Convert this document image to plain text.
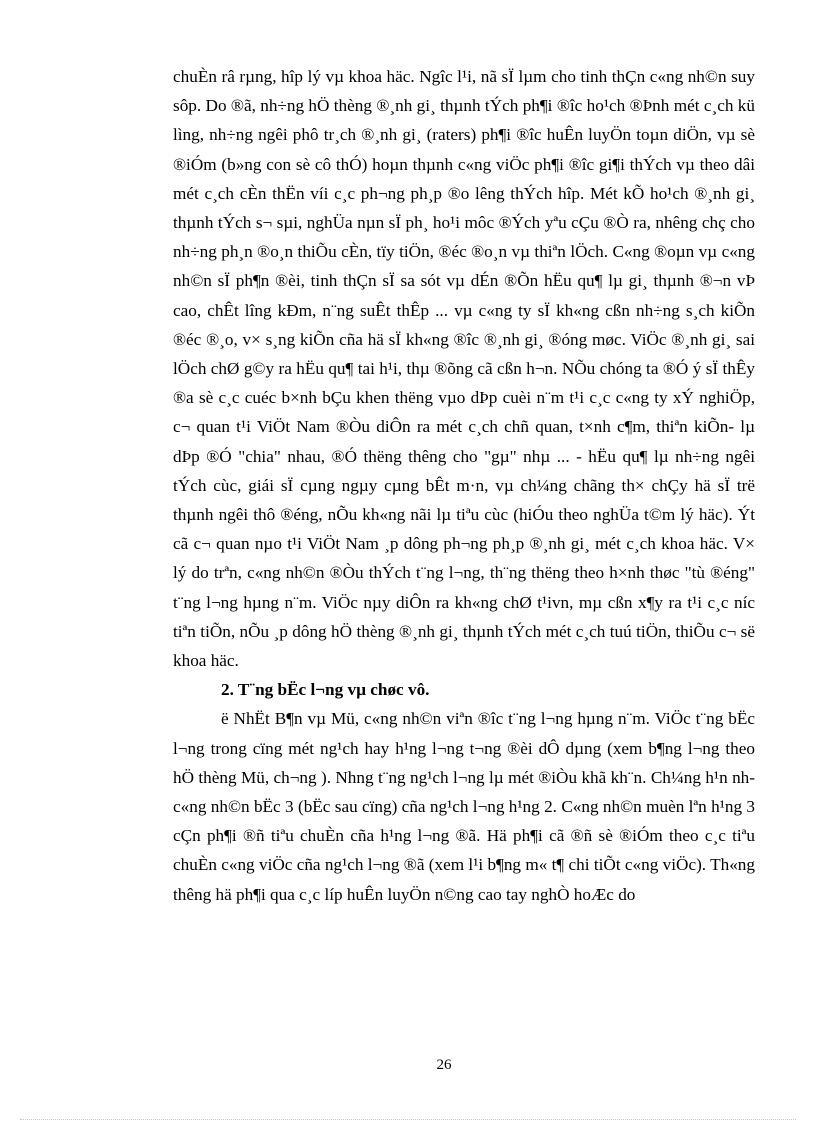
chuÈn râ rµng, hîp lý vµ khoa häc. Ngîc l¹i, nã sÏ lµm cho tinh thÇn c«ng nh©n suy sôp. Do ®ã, nh÷ng hÖ thèng ®¸nh gi¸ thµnh tÝch ph¶i ®îc ho¹ch ®Þnh mét c¸ch kü lìng, nh÷ng ngêi phô tr¸ch ®¸nh gi¸ (raters) ph¶i ®îc huÊn luyÖn toµn diÖn, vµ sè ®iÓm (b»ng con sè cô thÓ) hoµn thµnh c«ng viÖc ph¶i ®îc gi¶i thÝch vµ theo dâi mét c¸ch cÈn thËn víi c¸c ph¬ng ph¸p ®o lêng thÝch hîp. Mét kÕ ho¹ch ®¸nh gi¸ thµnh tÝch s¬ sµi, nghÜa nµn sÏ ph¸ ho¹i môc ®Ých yªu cÇu ®Ò ra, nhêng chç cho nh÷ng ph¸n ®o¸n thiÕu cÈn, tïy tiÖn, ®éc ®o¸n vµ thiªn lÖch. C«ng ®oµn vµ c«ng nh©n sÏ ph¶n ®èi, tinh thÇn sÏ sa sót vµ dÉn ®Õn hËu qu¶ lµ gi¸ thµnh ®¬n vÞ cao, chÊt lîng kÐm, n¨ng suÊt thÊp ... vµ c«ng ty sÏ kh«ng cßn nh÷ng s¸ch kiÕn ®éc ®¸o, v× s¸ng kiÕn cña hä sÏ kh«ng ®îc ®¸nh gi¸ ®óng møc. ViÖc ®¸nh gi¸ sai lÖch chØ g©y ra hËu qu¶ tai h¹i, thµ ®õng cã cßn h¬n. NÕu chóng ta ®Ó ý sÏ thÊy ®a sè c¸c cuéc b×nh bÇu khen thëng vµo dÞp cuèi n¨m t¹i c¸c c«ng ty xÝ nghiÖp, c¬ quan t¹i ViÖt Nam ®Òu diÔn ra mét c¸ch chñ quan, t×nh c¶m, thiªn kiÕn- lµ dÞp ®Ó "chia" nhau, ®Ó thëng thêng cho "gµ" nhµ ... - hËu qu¶ lµ nh÷ng ngêi tÝch cùc, giái sÏ cµng ngµy cµng bÊt m·n, vµ ch¼ng chãng th× chÇy hä sÏ trë thµnh ngêi thô ®éng, nÕu kh«ng nãi lµ tiªu cùc (hiÓu theo nghÜa t©m lý häc). Ýt cã c¬ quan nµo t¹i ViÖt Nam ¸p dông ph¬ng ph¸p ®¸nh gi¸ mét c¸ch khoa häc. V× lý do trªn, c«ng nh©n ®Òu thÝch t¨ng l¬ng, th¨ng thëng theo h×nh thøc "tù ®éng" t¨ng l¬ng hµng n¨m. ViÖc nµy diÔn ra kh«ng chØ t¹ivn, mµ cßn x¶y ra t¹i c¸c níc tiªn tiÕn, nÕu ¸p dông hÖ thèng ®¸nh gi¸ thµnh tÝch mét c¸ch tuú tiÖn, thiÕu c¬ së khoa häc.

2. T¨ng bËc l¬ng vµ chøc vô.

ë NhËt B¶n vµ Mü, c«ng nh©n viªn ®îc t¨ng l¬ng hµng n¨m. ViÖc t¨ng bËc l¬ng trong cïng mét ng¹ch hay h¹ng l¬ng t¬ng ®èi dÔ dµng (xem b¶ng l¬ng theo hÖ thèng Mü, ch¬ng ). Nhng t¨ng ng¹ch l¬ng lµ mét ®iÒu khã kh¨n. Ch¼ng h¹n nh c«ng nh©n bËc 3 (bËc sau cïng) cña ng¹ch l¬ng h¹ng 2. C«ng nh©n muèn lªn h¹ng 3 cÇn ph¶i ®ñ tiªu chuÈn cña h¹ng l¬ng ®ã. Hä ph¶i cã ®ñ sè ®iÓm theo c¸c tiªu chuÈn c«ng viÖc cña ng¹ch l¬ng ®ã (xem l¹i b¶ng m« t¶ chi tiÕt c«ng viÖc). Th«ng thêng hä ph¶i qua c¸c líp huÊn luyÖn n©ng cao tay nghÒ hoÆc do

26
